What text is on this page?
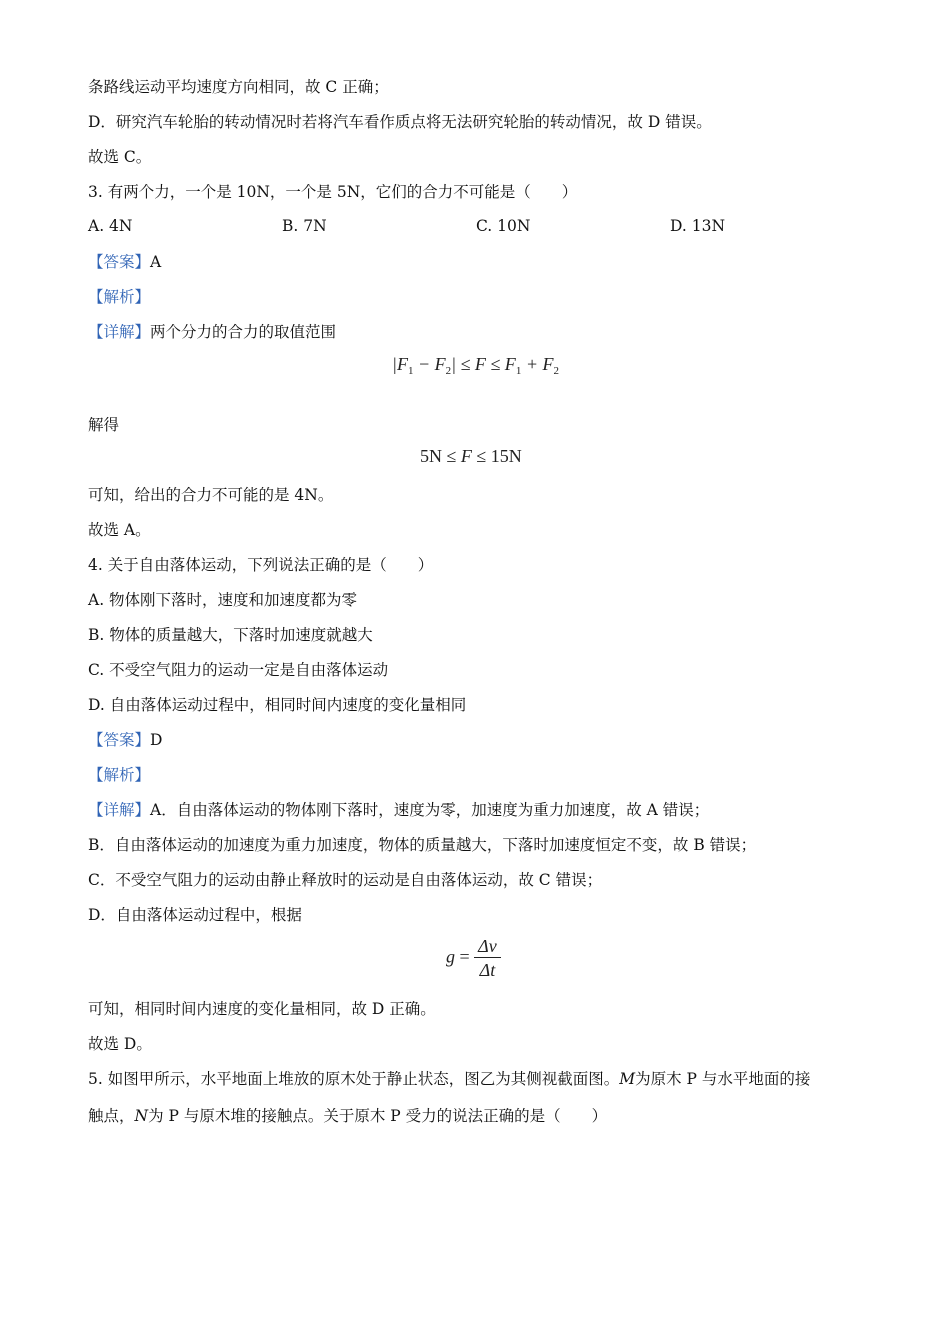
条路线运动平均速度方向相同，故 C 正确；
D．研究汽车轮胎的转动情况时若将汽车看作质点将无法研究轮胎的转动情况，故 D 错误。
故选 C。
3. 有两个力，一个是 10N，一个是 5N，它们的合力不可能是（　　）
A. 4N	B. 7N	C. 10N	D. 13N
【答案】A
【解析】
【详解】两个分力的合力的取值范围
$|F_1 - F_2| \le F \le F_1 + F_2$
解得
5N ≤ F ≤ 15N
可知，给出的合力不可能的是 4N。
故选 A。
4. 关于自由落体运动，下列说法正确的是（　　）
A. 物体刚下落时，速度和加速度都为零
B. 物体的质量越大，下落时加速度就越大
C. 不受空气阻力的运动一定是自由落体运动
D. 自由落体运动过程中，相同时间内速度的变化量相同
【答案】D
【解析】
【详解】A．自由落体运动的物体刚下落时，速度为零，加速度为重力加速度，故 A 错误；
B．自由落体运动的加速度为重力加速度，物体的质量越大，下落时加速度恒定不变，故 B 错误；
C．不受空气阻力的运动由静止释放时的运动是自由落体运动，故 C 错误；
D．自由落体运动过程中，根据
$g = \frac{\Delta v}{\Delta t}$
可知，相同时间内速度的变化量相同，故 D 正确。
故选 D。
5. 如图甲所示，水平地面上堆放的原木处于静止状态，图乙为其侧视截面图。M为原木 P 与水平地面的接
触点，N为 P 与原木堆的接触点。关于原木 P 受力的说法正确的是（　　）
